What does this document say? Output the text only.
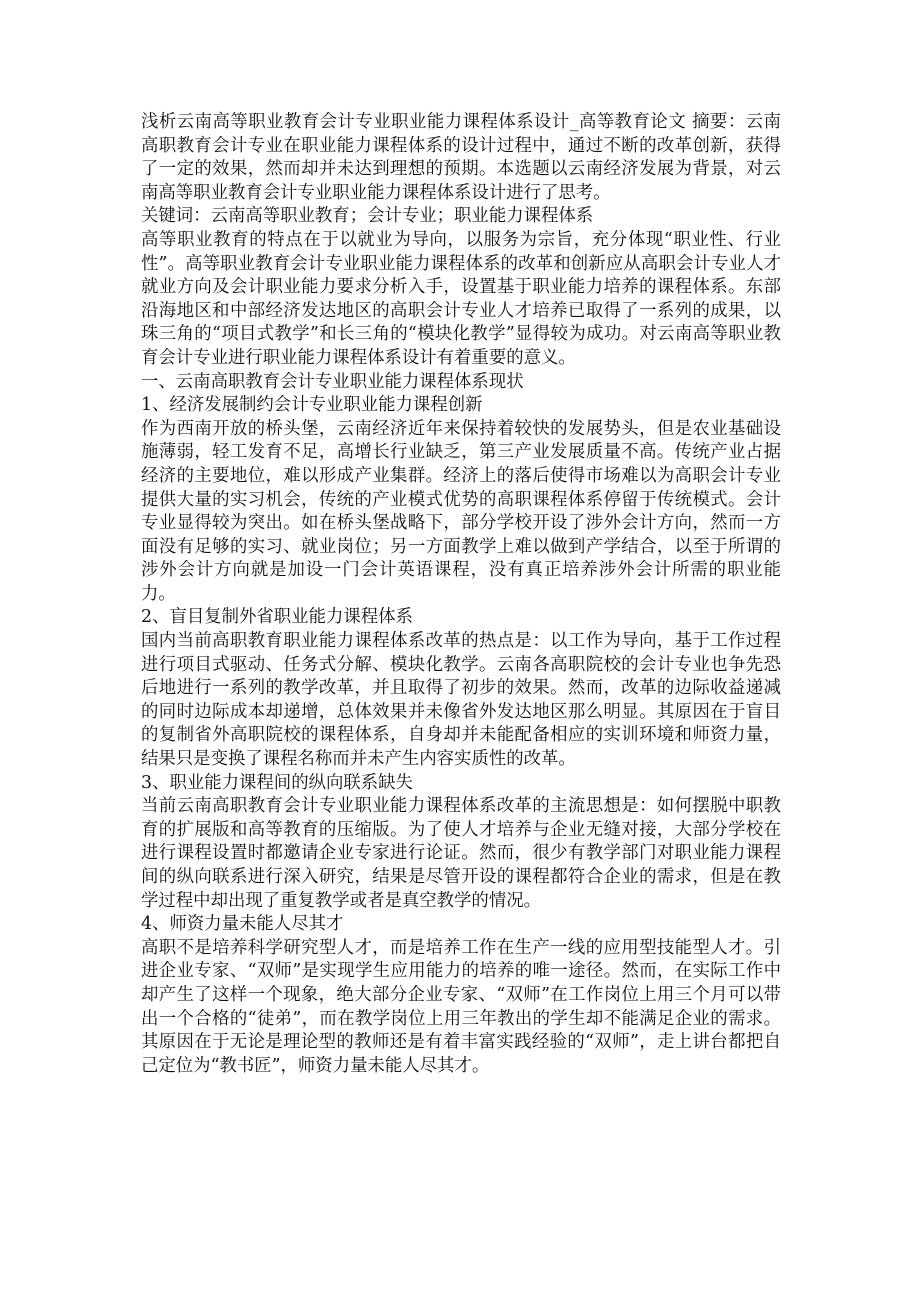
浅析云南高等职业教育会计专业职业能力课程体系设计_高等教育论文 摘要：云南高职教育会计专业在职业能力课程体系的设计过程中，通过不断的改革创新，获得了一定的效果，然而却并未达到理想的预期。本选题以云南经济发展为背景，对云南高等职业教育会计专业职业能力课程体系设计进行了思考。

关键词：云南高等职业教育；会计专业；职业能力课程体系

高等职业教育的特点在于以就业为导向，以服务为宗旨，充分体现“职业性、行业性”。高等职业教育会计专业职业能力课程体系的改革和创新应从高职会计专业人才就业方向及会计职业能力要求分析入手，设置基于职业能力培养的课程体系。东部沿海地区和中部经济发达地区的高职会计专业人才培养已取得了一系列的成果，以珠三角的“项目式教学”和长三角的“模块化教学”显得较为成功。对云南高等职业教育会计专业进行职业能力课程体系设计有着重要的意义。

一、云南高职教育会计专业职业能力课程体系现状

1、经济发展制约会计专业职业能力课程创新

作为西南开放的桥头堡，云南经济近年来保持着较快的发展势头，但是农业基础设施薄弱，轻工发育不足，高增长行业缺乏，第三产业发展质量不高。传统产业占据经济的主要地位，难以形成产业集群。经济上的落后使得市场难以为高职会计专业提供大量的实习机会，传统的产业模式优势的高职课程体系停留于传统模式。会计专业显得较为突出。如在桥头堡战略下，部分学校开设了涉外会计方向，然而一方面没有足够的实习、就业岗位；另一方面教学上难以做到产学结合，以至于所谓的涉外会计方向就是加设一门会计英语课程，没有真正培养涉外会计所需的职业能力。

2、盲目复制外省职业能力课程体系

国内当前高职教育职业能力课程体系改革的热点是：以工作为导向，基于工作过程进行项目式驱动、任务式分解、模块化教学。云南各高职院校的会计专业也争先恐后地进行一系列的教学改革，并且取得了初步的效果。然而，改革的边际收益递减的同时边际成本却递增，总体效果并未像省外发达地区那么明显。其原因在于盲目的复制省外高职院校的课程体系，自身却并未能配备相应的实训环境和师资力量，结果只是变换了课程名称而并未产生内容实质性的改革。

3、职业能力课程间的纵向联系缺失

当前云南高职教育会计专业职业能力课程体系改革的主流思想是：如何摆脱中职教育的扩展版和高等教育的压缩版。为了使人才培养与企业无缝对接，大部分学校在进行课程设置时都邀请企业专家进行论证。然而，很少有教学部门对职业能力课程间的纵向联系进行深入研究，结果是尽管开设的课程都符合企业的需求，但是在教学过程中却出现了重复教学或者是真空教学的情况。

4、师资力量未能人尽其才

高职不是培养科学研究型人才，而是培养工作在生产一线的应用型技能型人才。引进企业专家、“双师”是实现学生应用能力的培养的唯一途径。然而，在实际工作中却产生了这样一个现象，绝大部分企业专家、“双师”在工作岗位上用三个月可以带出一个合格的“徒弟”，而在教学岗位上用三年教出的学生却不能满足企业的需求。其原因在于无论是理论型的教师还是有着丰富实践经验的“双师”，走上讲台都把自己定位为“教书匠”，师资力量未能人尽其才。
